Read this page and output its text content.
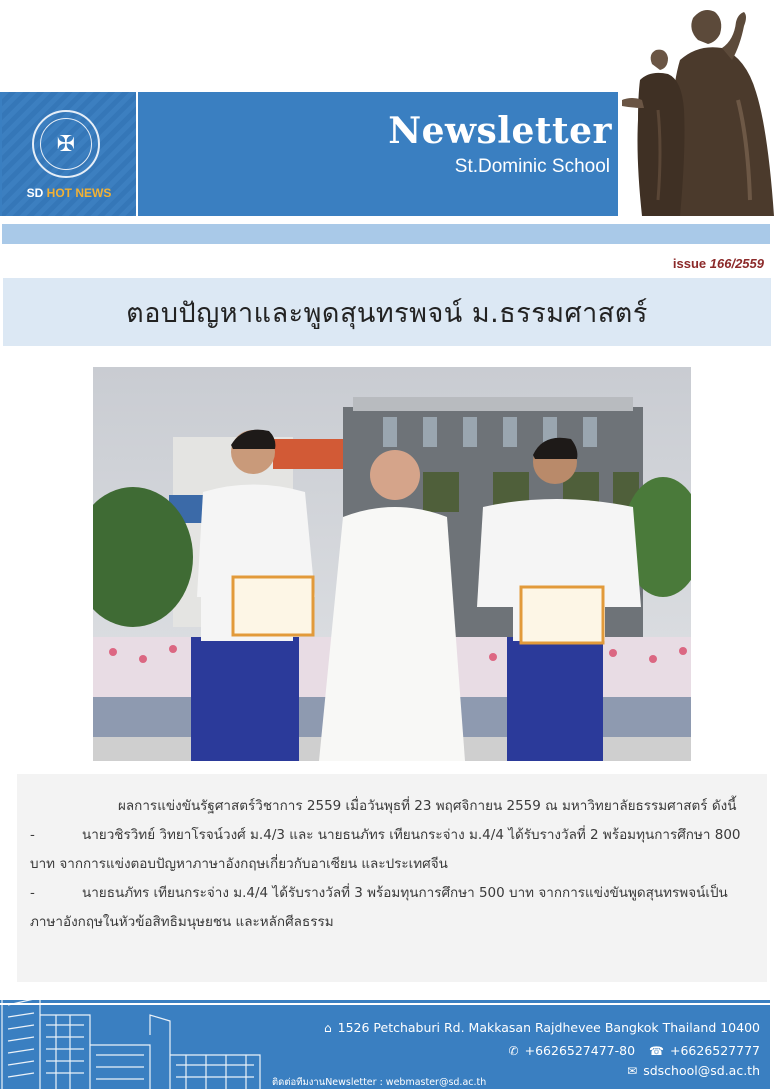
✠
SD HOT NEWS
Newsletter
St.Dominic School
issue 166/2559
ตอบปัญหาและพูดสุนทรพจน์ ม.ธรรมศาสตร์

ผลการแข่งขันรัฐศาสตร์วิชาการ 2559 เมื่อวันพุธที่ 23 พฤศจิกายน 2559 ณ มหาวิทยาลัยธรรมศาสตร์ ดังนี้

-	นายวชิรวิทย์ วิทยาโรจน์วงศ์ ม.4/3 และ นายธนภัทร เทียนกระจ่าง ม.4/4 ได้รับรางวัลที่ 2 พร้อมทุนการศึกษา 800 บาท จากการแข่งตอบปัญหาภาษาอังกฤษเกี่ยวกับอาเซียน และประเทศจีน

-	นายธนภัทร เทียนกระจ่าง ม.4/4 ได้รับรางวัลที่ 3 พร้อมทุนการศึกษา 500 บาท จากการแข่งขันพูดสุนทรพจน์เป็นภาษาอังกฤษในหัวข้อสิทธิมนุษยชน และหลักศีลธรรม

⌂ 1526 Petchaburi Rd. Makkasan Rajdhevee Bangkok Thailand 10400
✆ +6626527477-80 ☎ +6626527777
✉ sdschool@sd.ac.th
ติดต่อทีมงานNewsletter : webmaster@sd.ac.th
